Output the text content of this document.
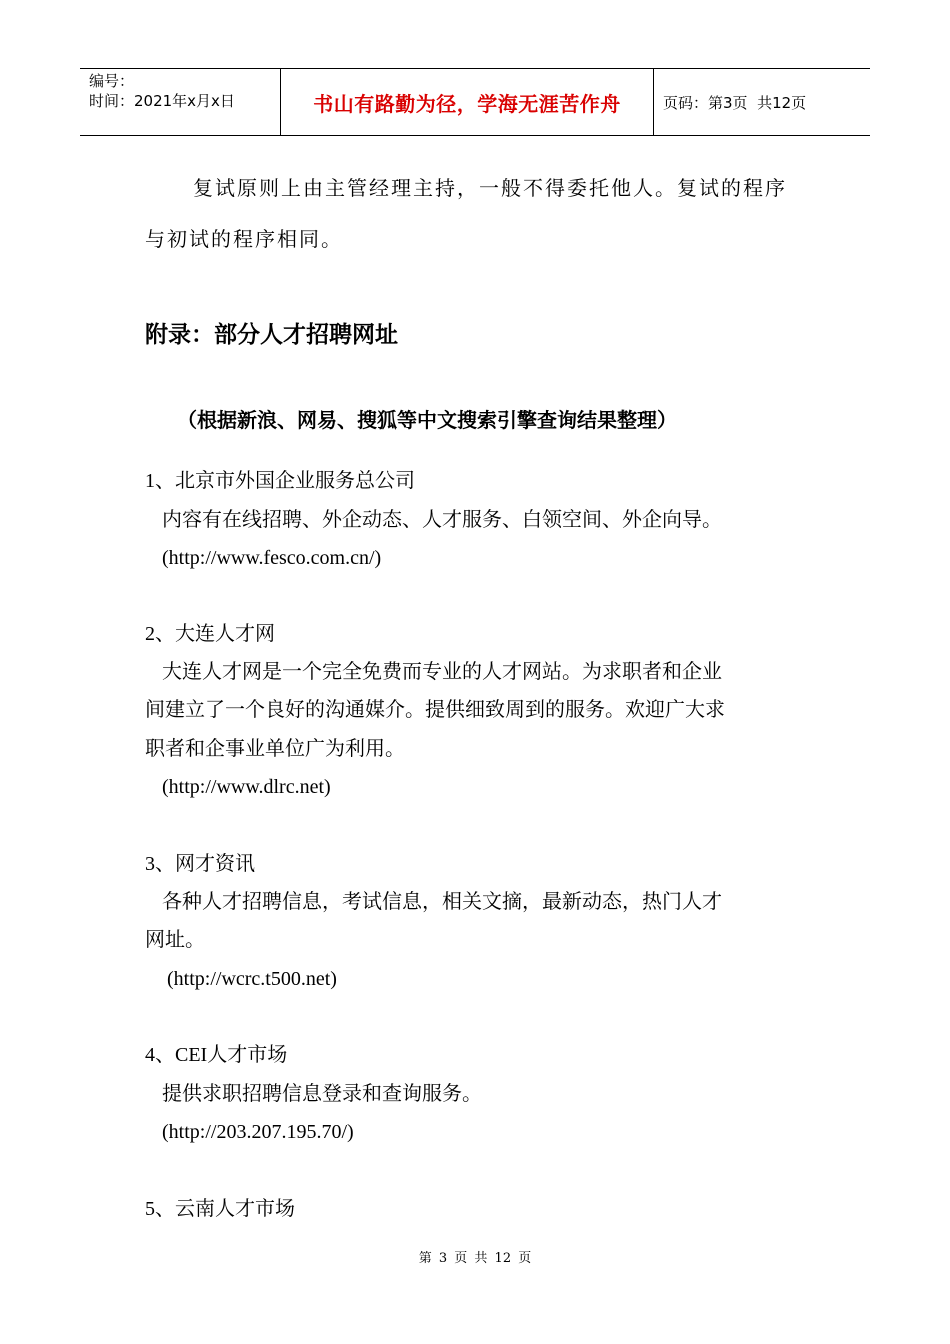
编号：
时间：2021年x月x日	书山有路勤为径，学海无涯苦作舟	页码：第3页  共12页
复试原则上由主管经理主持，一般不得委托他人。复试的程序
与初试的程序相同。
附录：部分人才招聘网址
（根据新浪、网易、搜狐等中文搜索引擎查询结果整理）
1、北京市外国企业服务总公司
内容有在线招聘、外企动态、人才服务、白领空间、外企向导。
(http://www.fesco.com.cn/)
2、大连人才网
大连人才网是一个完全免费而专业的人才网站。为求职者和企业
间建立了一个良好的沟通媒介。提供细致周到的服务。欢迎广大求
职者和企事业单位广为利用。
(http://www.dlrc.net)
3、网才资讯
各种人才招聘信息，考试信息，相关文摘，最新动态，热门人才
网址。
(http://wcrc.t500.net)
4、CEI人才市场
提供求职招聘信息登录和查询服务。
(http://203.207.195.70/)
5、云南人才市场
第 3 页 共 12 页
